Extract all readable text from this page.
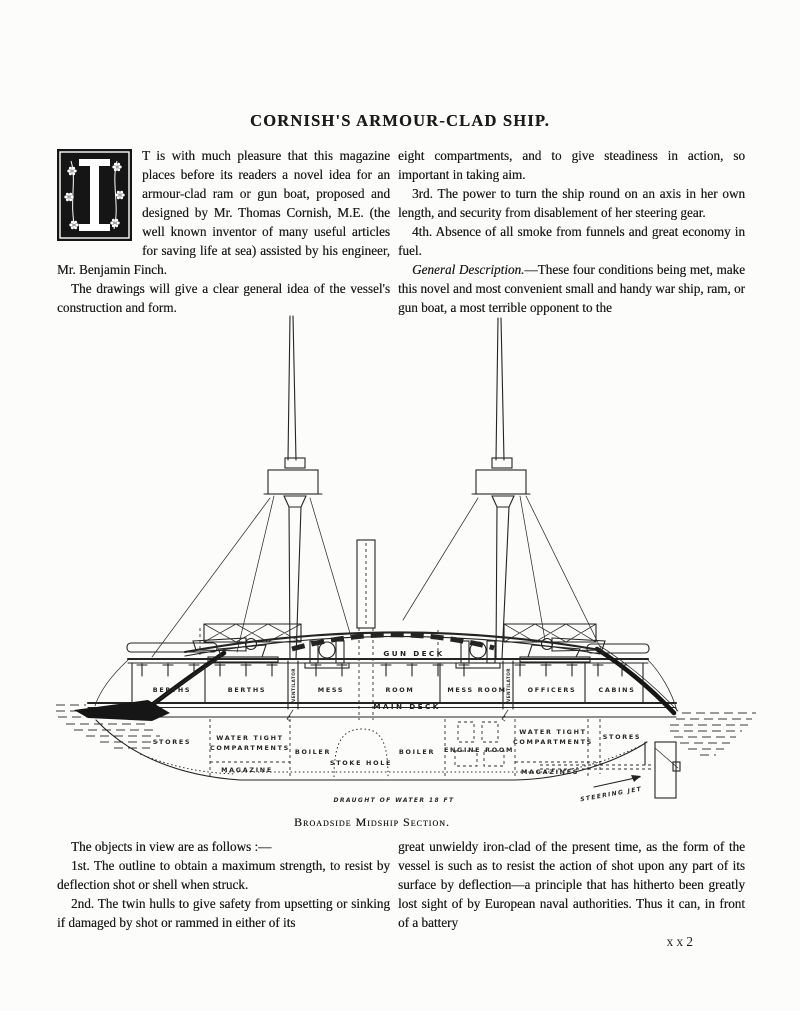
CORNISH'S ARMOUR-CLAD SHIP.

T is with much pleasure that this magazine places before its readers a novel idea for an armour-clad ram or gun boat, proposed and designed by Mr. Thomas Cornish, M.E. (the well known inventor of many useful articles for saving life at sea) assisted by his engineer, Mr. Benjamin Finch.

The drawings will give a clear general idea of the vessel's construction and form.

eight compartments, and to give steadiness in action, so important in taking aim.

3rd. The power to turn the ship round on an axis in her own length, and security from disablement of her steering gear.

4th. Absence of all smoke from funnels and great economy in fuel.

General Description.—These four conditions being met, make this novel and most convenient small and handy war ship, ram, or gun boat, a most terrible opponent to the

GUN DECK
MAIN DECK
BERTHS	BERTHS	VENTILATOR	MESS	ROOM	MESS ROOM VENTILATOR OFFICERS	CABINS
STORES	WATER TIGHT
COMPARTMENTS
MAGAZINE
BOILER
STOKE HOLE
BOILER ENGINE ROOM
WATER TIGHT
COMPARTMENTS
STORES
MAGAZINES
STEERING JET
DRAUGHT OF WATER 18 FT
Broadside Midship Section.

The objects in view are as follows :—

1st. The outline to obtain a maximum strength, to resist by deflection shot or shell when struck.

2nd. The twin hulls to give safety from upsetting or sinking if damaged by shot or rammed in either of its

great unwieldy iron-clad of the present time, as the form of the vessel is such as to resist the action of shot upon any part of its surface by deflection—a principle that has hitherto been greatly lost sight of by European naval authorities. Thus it can, in front of a battery

x x 2
